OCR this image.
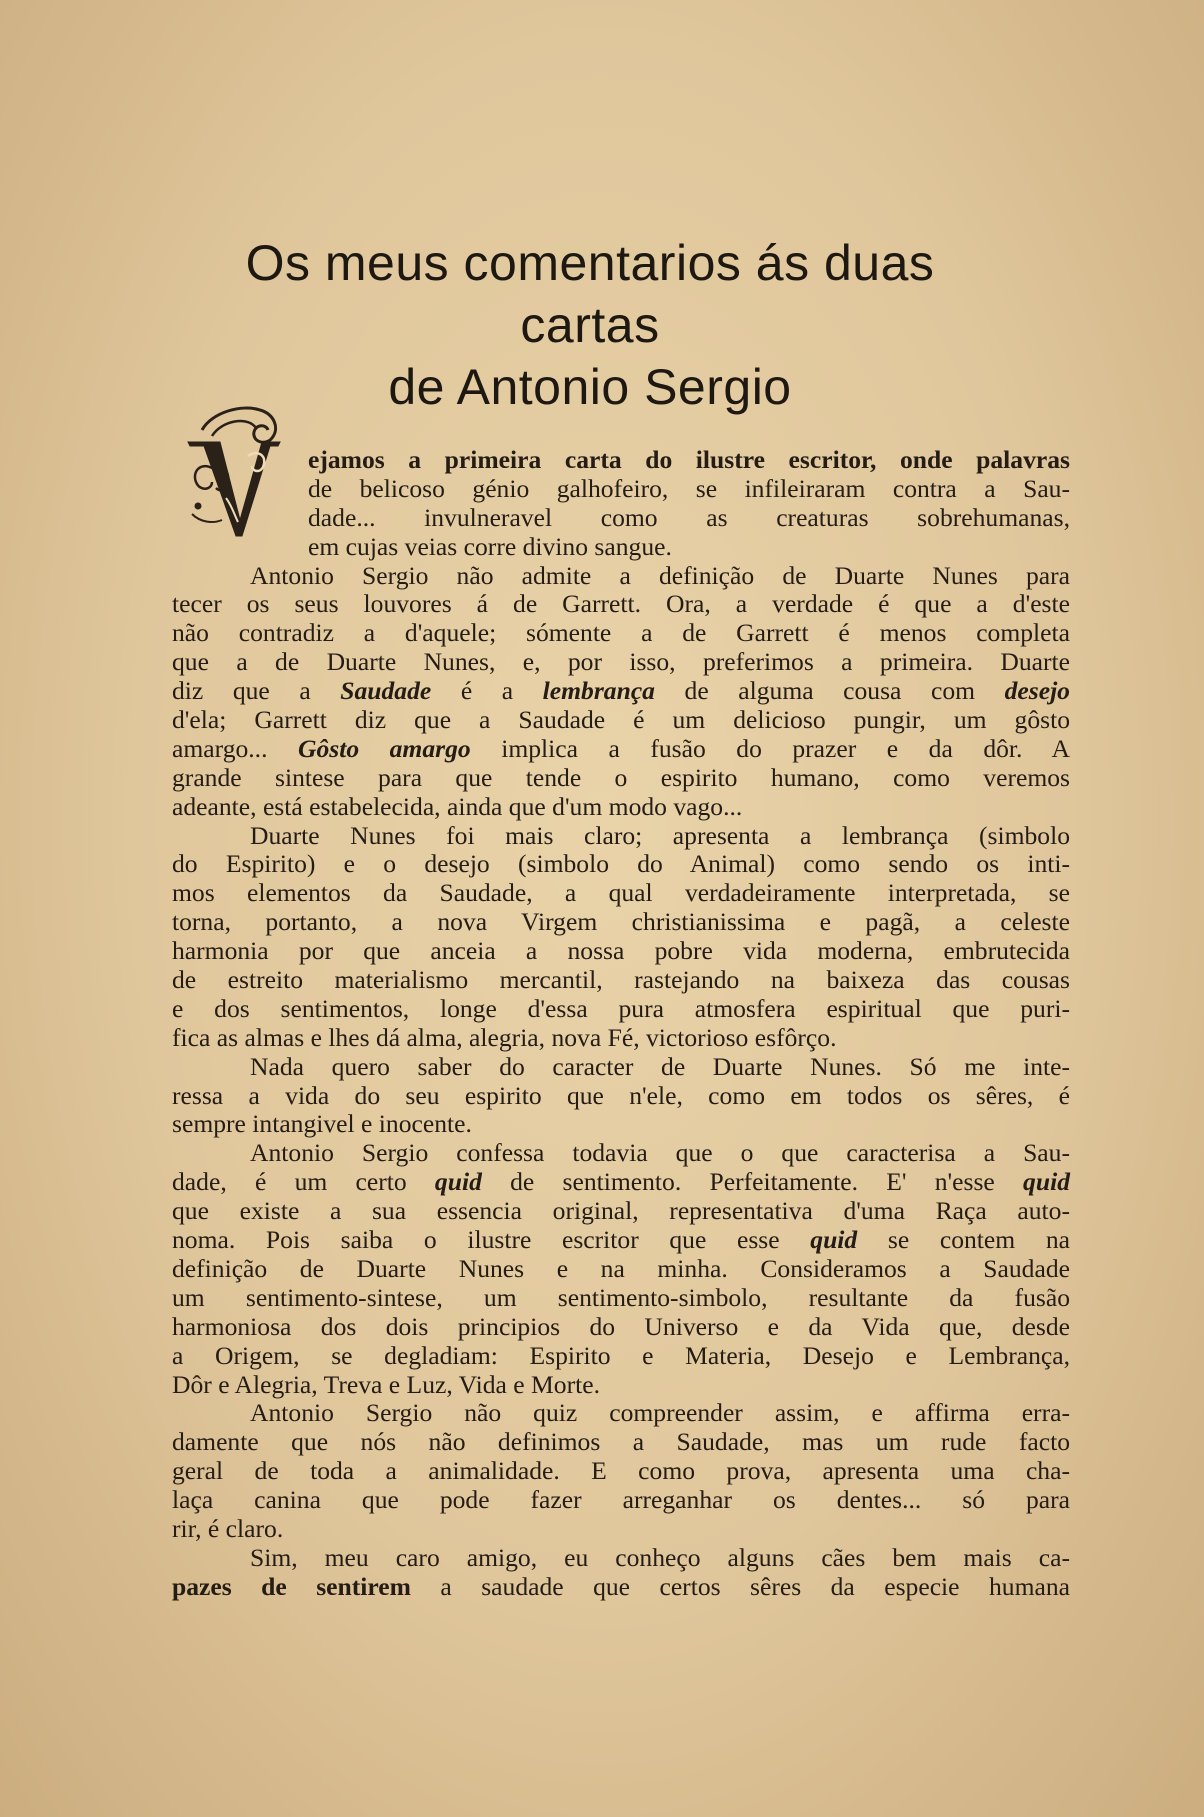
Os meus comentarios ás duas cartas
de Antonio Sergio
ejamos a primeira carta do ilustre escritor, onde palavras
de belicoso génio galhofeiro, se infileiraram contra a Sau-
dade... invulneravel como as creaturas sobrehumanas,
em cujas veias corre divino sangue.
Antonio Sergio não admite a definição de Duarte Nunes para
tecer os seus louvores á de Garrett. Ora, a verdade é que a d'este
não contradiz a d'aquele; sómente a de Garrett é menos completa
que a de Duarte Nunes, e, por isso, preferimos a primeira. Duarte
diz que a Saudade é a lembrança de alguma cousa com desejo
d'ela; Garrett diz que a Saudade é um delicioso pungir, um gôsto
amargo... Gôsto amargo implica a fusão do prazer e da dôr. A
grande sintese para que tende o espirito humano, como veremos
adeante, está estabelecida, ainda que d'um modo vago...
Duarte Nunes foi mais claro; apresenta a lembrança (simbolo
do Espirito) e o desejo (simbolo do Animal) como sendo os inti-
mos elementos da Saudade, a qual verdadeiramente interpretada, se
torna, portanto, a nova Virgem christianissima e pagã, a celeste
harmonia por que anceia a nossa pobre vida moderna, embrutecida
de estreito materialismo mercantil, rastejando na baixeza das cousas
e dos sentimentos, longe d'essa pura atmosfera espiritual que puri-
fica as almas e lhes dá alma, alegria, nova Fé, victorioso esfôrço.
Nada quero saber do caracter de Duarte Nunes. Só me inte-
ressa a vida do seu espirito que n'ele, como em todos os sêres, é
sempre intangivel e inocente.
Antonio Sergio confessa todavia que o que caracterisa a Sau-
dade, é um certo quid de sentimento. Perfeitamente. E' n'esse quid
que existe a sua essencia original, representativa d'uma Raça auto-
noma. Pois saiba o ilustre escritor que esse quid se contem na
definição de Duarte Nunes e na minha. Consideramos a Saudade
um sentimento-sintese, um sentimento-simbolo, resultante da fusão
harmoniosa dos dois principios do Universo e da Vida que, desde
a Origem, se degladiam: Espirito e Materia, Desejo e Lembrança,
Dôr e Alegria, Treva e Luz, Vida e Morte.
Antonio Sergio não quiz compreender assim, e affirma erra-
damente que nós não definimos a Saudade, mas um rude facto
geral de toda a animalidade. E como prova, apresenta uma cha-
laça canina que pode fazer arreganhar os dentes... só para
rir, é claro.
Sim, meu caro amigo, eu conheço alguns cães bem mais ca-
pazes de sentirem a saudade que certos sêres da especie humana
